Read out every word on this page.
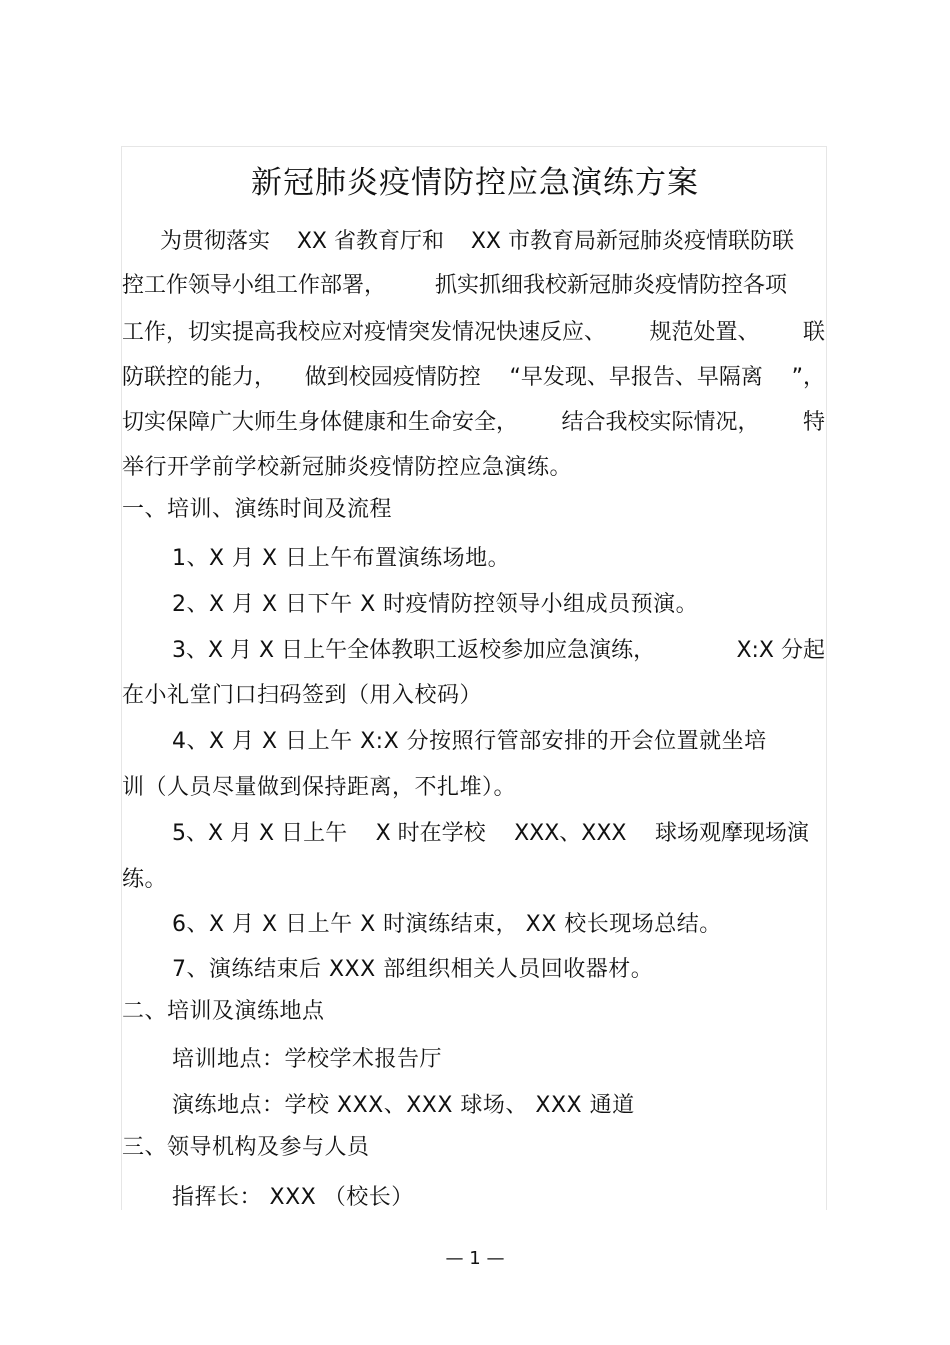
新冠肺炎疫情防控应急演练方案
为贯彻落实 XX 省教育厅和 XX 市教育局新冠肺炎疫情联防联
控工作领导小组工作部署， 抓实抓细我校新冠肺炎疫情防控各项
工作，切实提高我校应对疫情突发情况快速反应、 规范处置、 联
防联控的能力， 做到校园疫情防控 “早发现、早报告、早隔离 ”，
切实保障广大师生身体健康和生命安全， 结合我校实际情况， 特
举行开学前学校新冠肺炎疫情防控应急演练。
一、培训、演练时间及流程
1、X 月 X 日上午布置演练场地。
2、X 月 X 日下午 X 时疫情防控领导小组成员预演。
3、X 月 X 日上午全体教职工返校参加应急演练，	X:X 分起
在小礼堂门口扫码签到（用入校码）
4、X 月 X 日上午 X:X 分按照行管部安排的开会位置就坐培
训（人员尽量做到保持距离，不扎堆）。
5、X 月 X 日上午 X 时在学校 XXX、XXX 球场观摩现场演
练。
6、X 月 X 日上午 X 时演练结束， XX 校长现场总结。
7、演练结束后 XXX 部组织相关人员回收器材。
二、培训及演练地点
培训地点：学校学术报告厅
演练地点：学校 XXX、XXX 球场、 XXX 通道
三、领导机构及参与人员
指挥长： XXX （校长）
— 1 —
